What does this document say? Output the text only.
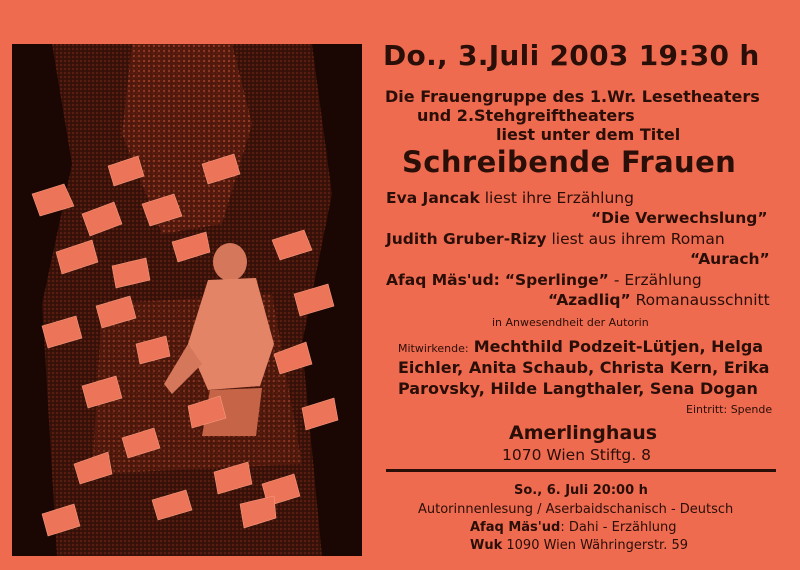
Do., 3.Juli 2003 19:30 h
Die Frauengruppe des 1.Wr. Lesetheaters
und 2.Stehgreiftheaters
liest unter dem Titel
Schreibende Frauen
Eva Jancak liest ihre Erzählung
“Die Verwechslung”
Judith Gruber-Rizy liest aus ihrem Roman
“Aurach”
Afaq Mäs'ud: “Sperlinge” - Erzählung
“Azadliq” Romanausschnitt
in Anwesendheit der Autorin
Mitwirkende: Mechthild Podzeit-Lütjen, Helga
Eichler, Anita Schaub, Christa Kern, Erika
Parovsky, Hilde Langthaler, Sena Dogan
Eintritt: Spende
Amerlinghaus
1070 Wien Stiftg. 8
So., 6. Juli 20:00 h
Autorinnenlesung / Aserbaidschanisch - Deutsch
Afaq Mäs'ud: Dahi - Erzählung
Wuk 1090 Wien Währingerstr. 59
